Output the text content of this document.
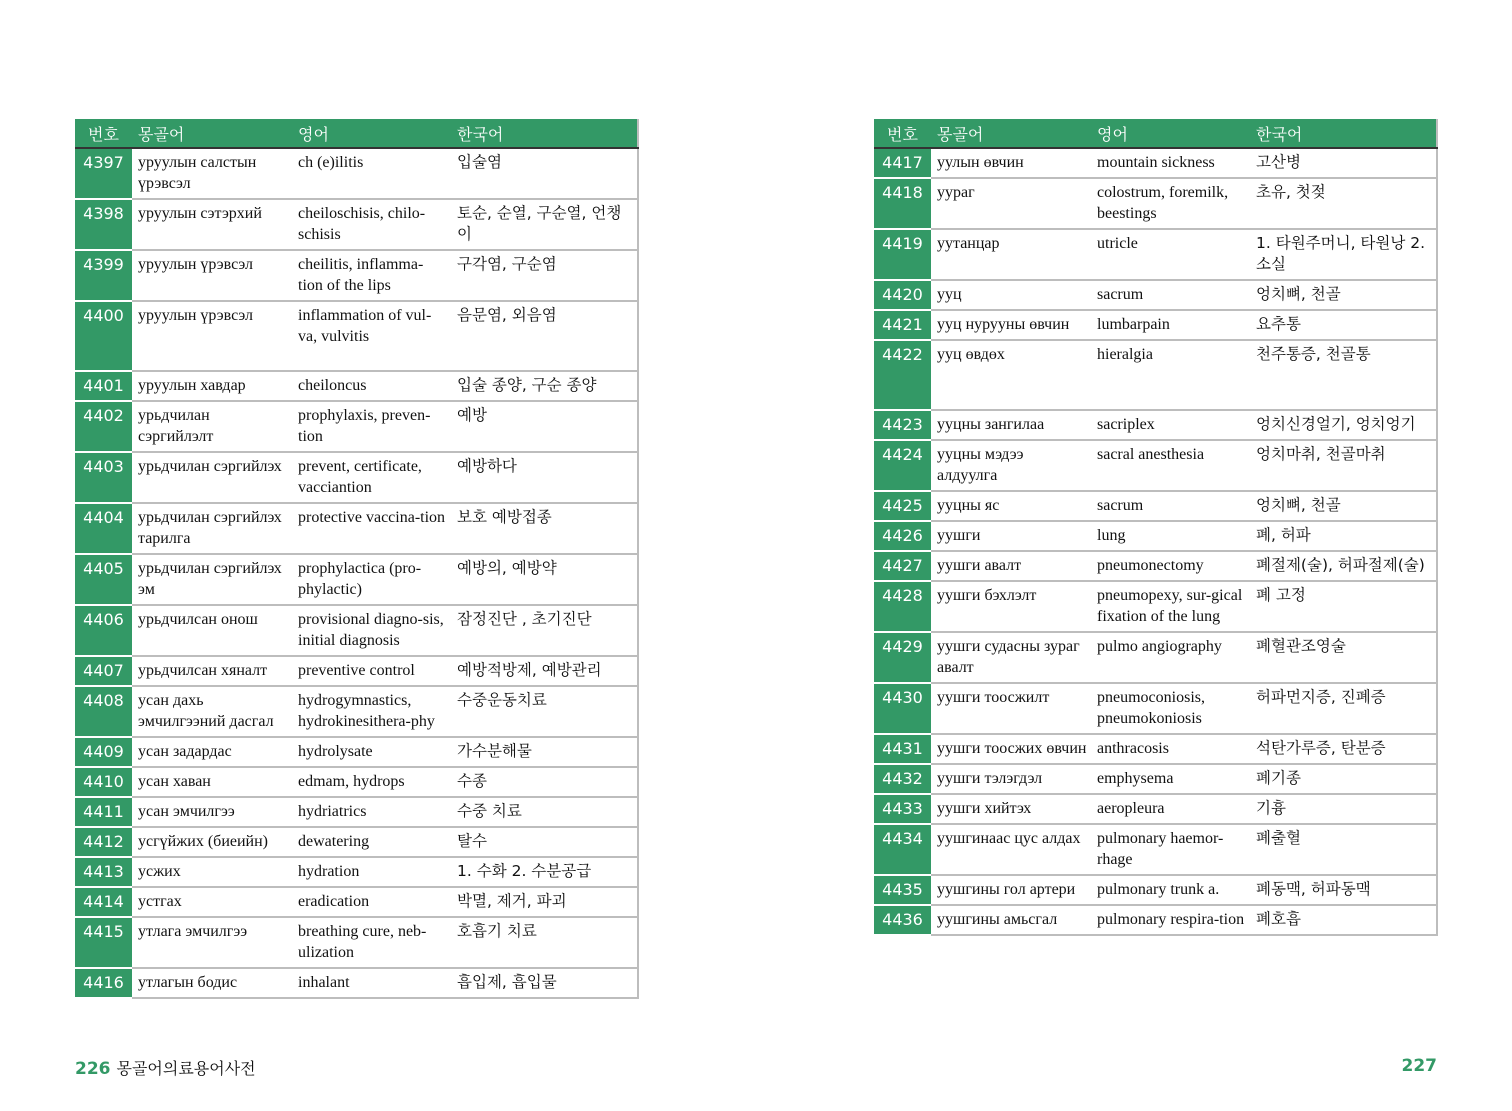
번호	몽골어	영어	한국어
4397	уруулын салстын үрэвсэл	ch (e)ilitis	입술염
4398	уруулын сэтэрхий	cheiloschisis, chilo-schisis	토순, 순열, 구순열, 언챙이
4399	уруулын үрэвсэл	cheilitis, inflamma-tion of the lips	구각염, 구순염
4400	уруулын үрэвсэл	inflammation of vul-va, vulvitis	음문염, 외음염
4401	уруулын хавдар	cheiloncus	입술 종양, 구순 종양
4402	урьдчилан сэргийлэлт	prophylaxis, preven-tion	예방
4403	урьдчилан сэргийлэх	prevent, certificate, vacciantion	예방하다
4404	урьдчилан сэргийлэх тарилга	protective vaccina-tion	보호 예방접종
4405	урьдчилан сэргийлэх эм	prophylactica (pro-phylactic)	예방의, 예방약
4406	урьдчилсан онош	provisional diagno-sis, initial diagnosis	잠정진단 , 초기진단
4407	урьдчилсан хяналт	preventive control	예방적방제, 예방관리
4408	усан дахь эмчилгээний дасгал	hydrogymnastics, hydrokinesithera-phy	수중운동치료
4409	усан задардас	hydrolysate	가수분해물
4410	усан хаван	edmam, hydrops	수종
4411	усан эмчилгээ	hydriatrics	수중 치료
4412	усгүйжих (биеийн)	dewatering	탈수
4413	усжих	hydration	1. 수화 2. 수분공급
4414	устгах	eradication	박멸, 제거, 파괴
4415	утлага эмчилгээ	breathing cure, neb-ulization	호흡기 치료
4416	утлагын бодис	inhalant	흡입제, 흡입물
번호	몽골어	영어	한국어
4417	уулын өвчин	mountain sickness	고산병
4418	уураг	colostrum, foremilk, beestings	초유, 첫젖
4419	уутанцар	utricle	1. 타원주머니, 타원낭 2. 소실
4420	ууц	sacrum	엉치뼈, 천골
4421	ууц нурууны өвчин	lumbarpain	요추통
4422	ууц өвдөх	hieralgia	천주통증, 천골통
4423	ууцны зангилаа	sacriplex	엉치신경얼기, 엉치엉기
4424	ууцны мэдээ алдуулга	sacral anesthesia	엉치마취, 천골마취
4425	ууцны яс	sacrum	엉치뼈, 천골
4426	уушги	lung	폐, 허파
4427	уушги авалт	pneumonectomy	폐절제(술), 허파절제(술)
4428	уушги бэхлэлт	pneumopexy, sur-gical fixation of the lung	폐 고정
4429	уушги судасны зураг авалт	pulmo angiography	폐혈관조영술
4430	уушги тоосжилт	pneumoconiosis, pneumokoniosis	허파먼지증, 진폐증
4431	уушги тоосжих өвчин	anthracosis	석탄가루증, 탄분증
4432	уушги тэлэгдэл	emphysema	폐기종
4433	уушги хийтэх	aeropleura	기흉
4434	уушгинаас цус алдах	pulmonary haemor-rhage	폐출혈
4435	уушгины гол артери	pulmonary trunk a.	폐동맥, 허파동맥
4436	уушгины амьсгал	pulmonary respira-tion	폐호흡
226 몽골어의료용어사전	227
